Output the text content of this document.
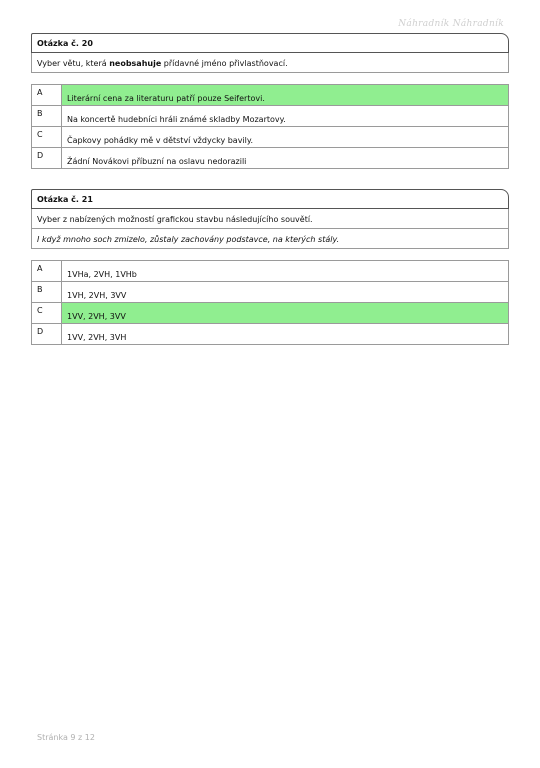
Náhradník Náhradník
Otázka č. 20
Vyber větu, která neobsahuje přídavné jméno přivlastňovací.
A
Literární cena za literaturu patří pouze Seifertovi.
B
Na koncertě hudebníci hráli známé skladby Mozartovy.
C
Čapkovy pohádky mě v dětství vždycky bavily.
D
Žádní Novákovi příbuzní na oslavu nedorazili
Otázka č. 21
Vyber z nabízených možností grafickou stavbu následujícího souvětí.
I když mnoho soch zmizelo, zůstaly zachovány podstavce, na kterých stály.
A
1VHa, 2VH, 1VHb
B
1VH, 2VH, 3VV
C
1VV, 2VH, 3VV
D
1VV, 2VH, 3VH
Stránka 9 z 12
